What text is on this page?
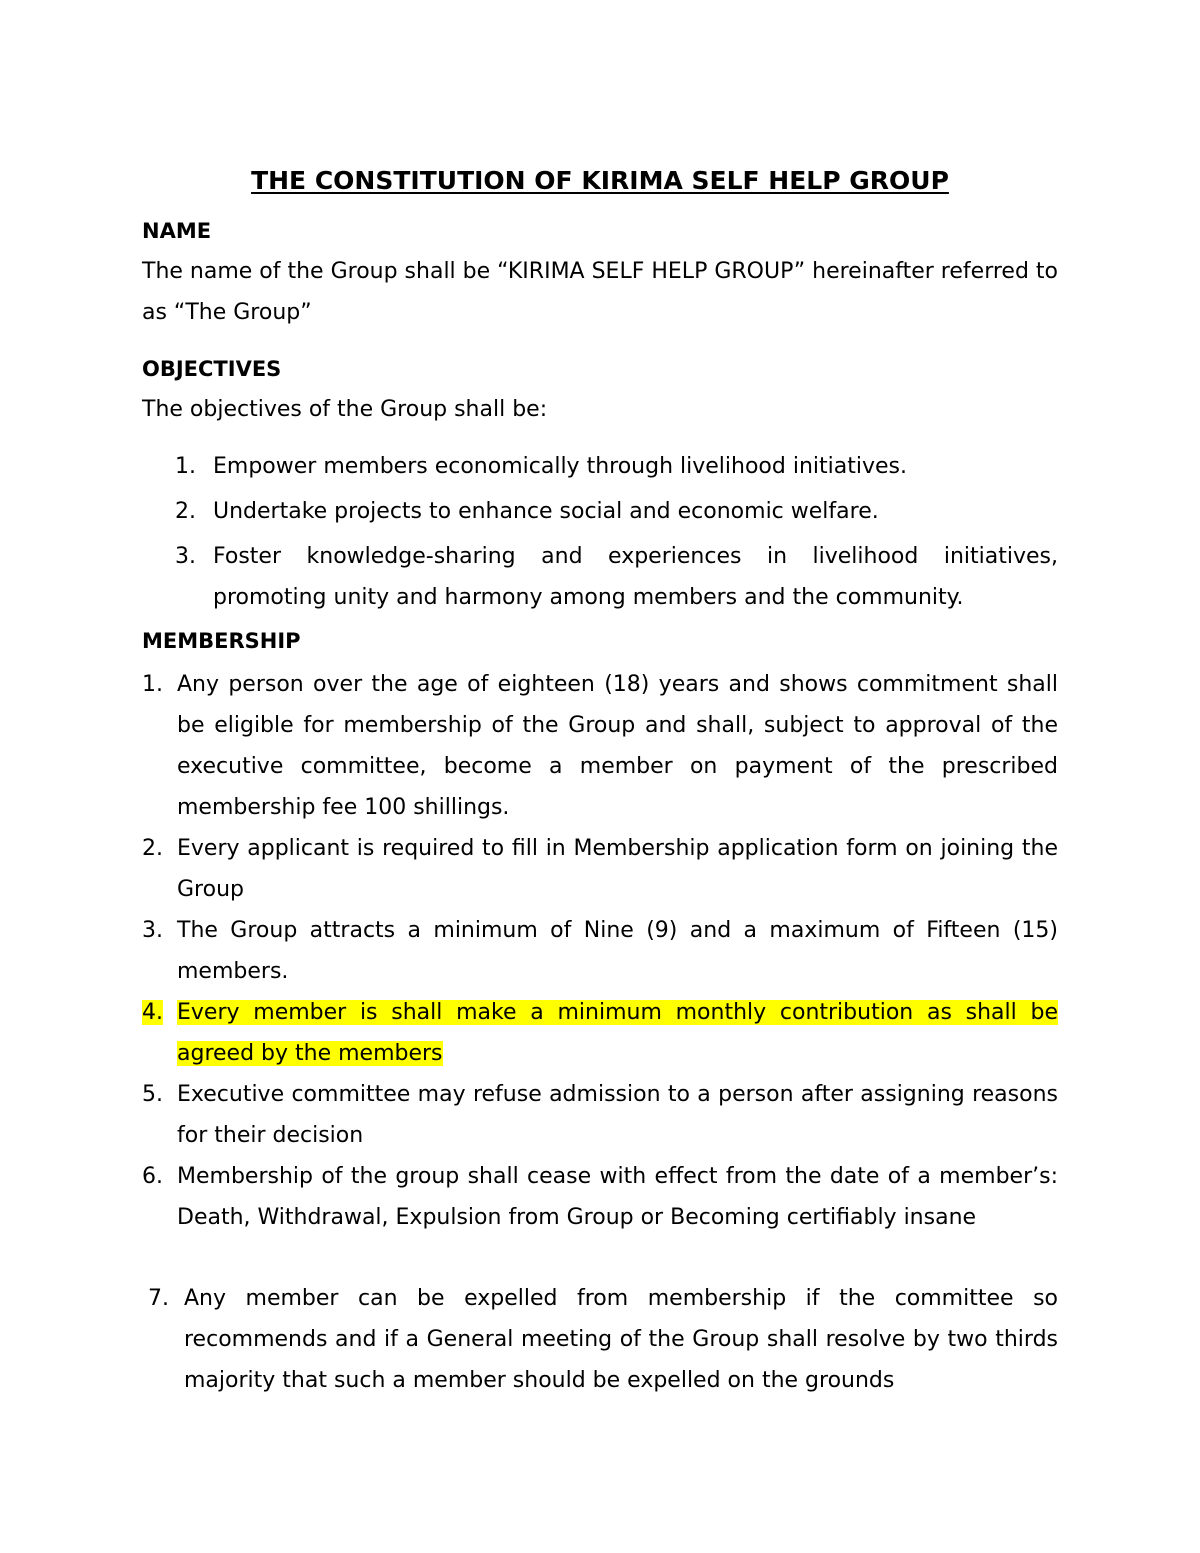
THE CONSTITUTION OF KIRIMA SELF HELP GROUP
NAME
The name of the Group shall be “KIRIMA SELF HELP GROUP” hereinafter referred to as “The Group”
OBJECTIVES
The objectives of the Group shall be:
1. Empower members economically through livelihood initiatives.
2. Undertake projects to enhance social and economic welfare.
3. Foster knowledge-sharing and experiences in livelihood initiatives, promoting unity and harmony among members and the community.
MEMBERSHIP
1. Any person over the age of eighteen (18) years and shows commitment shall be eligible for membership of the Group and shall, subject to approval of the executive committee, become a member on payment of the prescribed membership fee 100 shillings.
2. Every applicant is required to fill in Membership application form on joining the Group
3. The Group attracts a minimum of Nine (9) and a maximum of Fifteen (15) members.
4. Every member is shall make a minimum monthly contribution as shall be agreed by the members
5. Executive committee may refuse admission to a person after assigning reasons for their decision
6. Membership of the group shall cease with effect from the date of a member’s: Death, Withdrawal, Expulsion from Group or Becoming certifiably insane
7. Any member can be expelled from membership if the committee so recommends and if a General meeting of the Group shall resolve by two thirds majority that such a member should be expelled on the grounds
